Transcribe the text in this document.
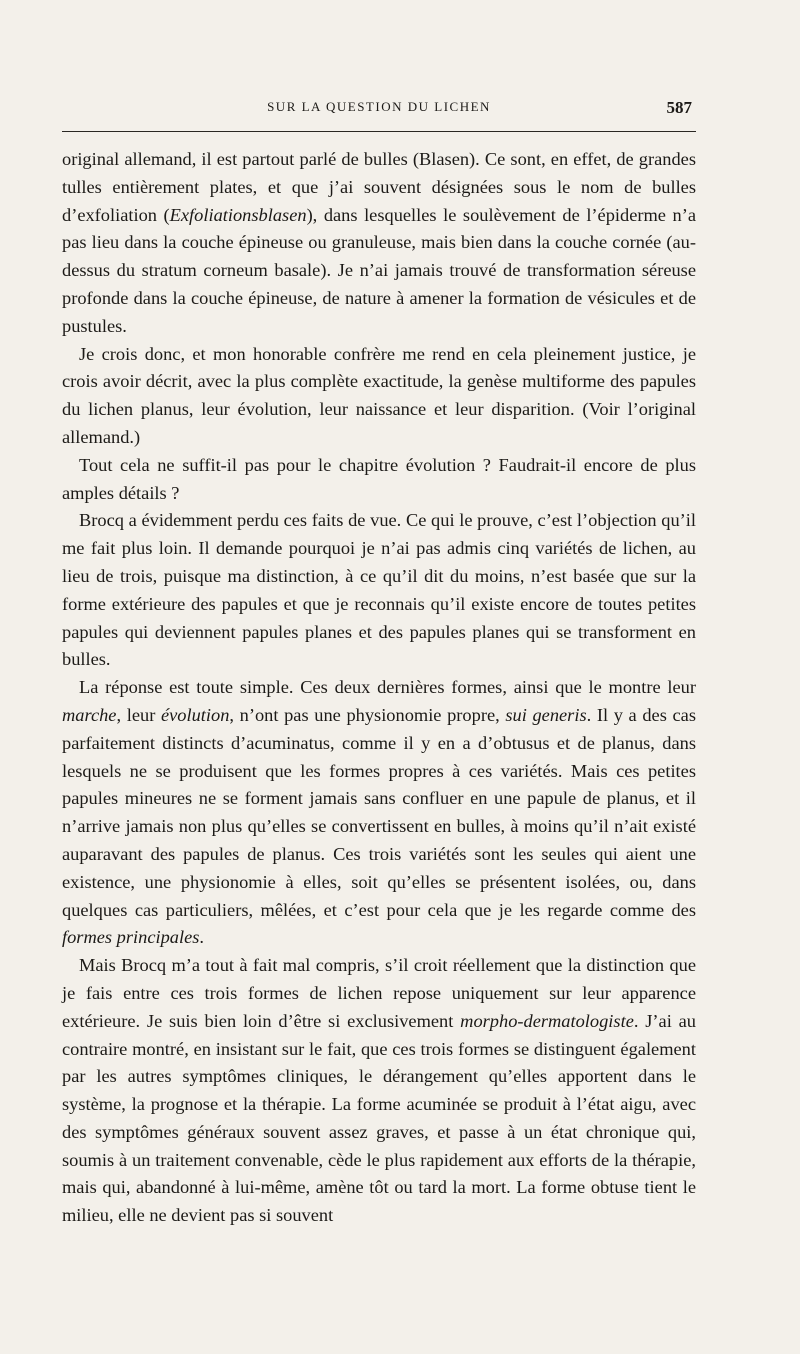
SUR LA QUESTION DU LICHEN	587

original allemand, il est partout parlé de bulles (Blasen). Ce sont, en effet, de grandes tulles entièrement plates, et que j’ai souvent désignées sous le nom de bulles d’exfoliation (Exfoliationsblasen), dans lesquelles le soulèvement de l’épiderme n’a pas lieu dans la couche épineuse ou granuleuse, mais bien dans la couche cornée (au-dessus du stratum corneum basale). Je n’ai jamais trouvé de transformation séreuse profonde dans la couche épineuse, de nature à amener la formation de vésicules et de pustules.

Je crois donc, et mon honorable confrère me rend en cela pleinement justice, je crois avoir décrit, avec la plus complète exactitude, la genèse multiforme des papules du lichen planus, leur évolution, leur naissance et leur disparition. (Voir l’original allemand.)

Tout cela ne suffit-il pas pour le chapitre évolution ? Faudrait-il encore de plus amples détails ?

Brocq a évidemment perdu ces faits de vue. Ce qui le prouve, c’est l’objection qu’il me fait plus loin. Il demande pourquoi je n’ai pas admis cinq variétés de lichen, au lieu de trois, puisque ma distinction, à ce qu’il dit du moins, n’est basée que sur la forme extérieure des papules et que je reconnais qu’il existe encore de toutes petites papules qui deviennent papules planes et des papules planes qui se transforment en bulles.

La réponse est toute simple. Ces deux dernières formes, ainsi que le montre leur marche, leur évolution, n’ont pas une physionomie propre, sui generis. Il y a des cas parfaitement distincts d’acuminatus, comme il y en a d’obtusus et de planus, dans lesquels ne se produisent que les formes propres à ces variétés. Mais ces petites papules mineures ne se forment jamais sans confluer en une papule de planus, et il n’arrive jamais non plus qu’elles se convertissent en bulles, à moins qu’il n’ait existé auparavant des papules de planus. Ces trois variétés sont les seules qui aient une existence, une physionomie à elles, soit qu’elles se présentent isolées, ou, dans quelques cas particuliers, mêlées, et c’est pour cela que je les regarde comme des formes principales.

Mais Brocq m’a tout à fait mal compris, s’il croit réellement que la distinction que je fais entre ces trois formes de lichen repose uniquement sur leur apparence extérieure. Je suis bien loin d’être si exclusivement morpho-dermatologiste. J’ai au contraire montré, en insistant sur le fait, que ces trois formes se distinguent également par les autres symptômes cliniques, le dérangement qu’elles apportent dans le système, la prognose et la thérapie. La forme acuminée se produit à l’état aigu, avec des symptômes généraux souvent assez graves, et passe à un état chronique qui, soumis à un traitement convenable, cède le plus rapidement aux efforts de la thérapie, mais qui, abandonné à lui-même, amène tôt ou tard la mort. La forme obtuse tient le milieu, elle ne devient pas si souvent
